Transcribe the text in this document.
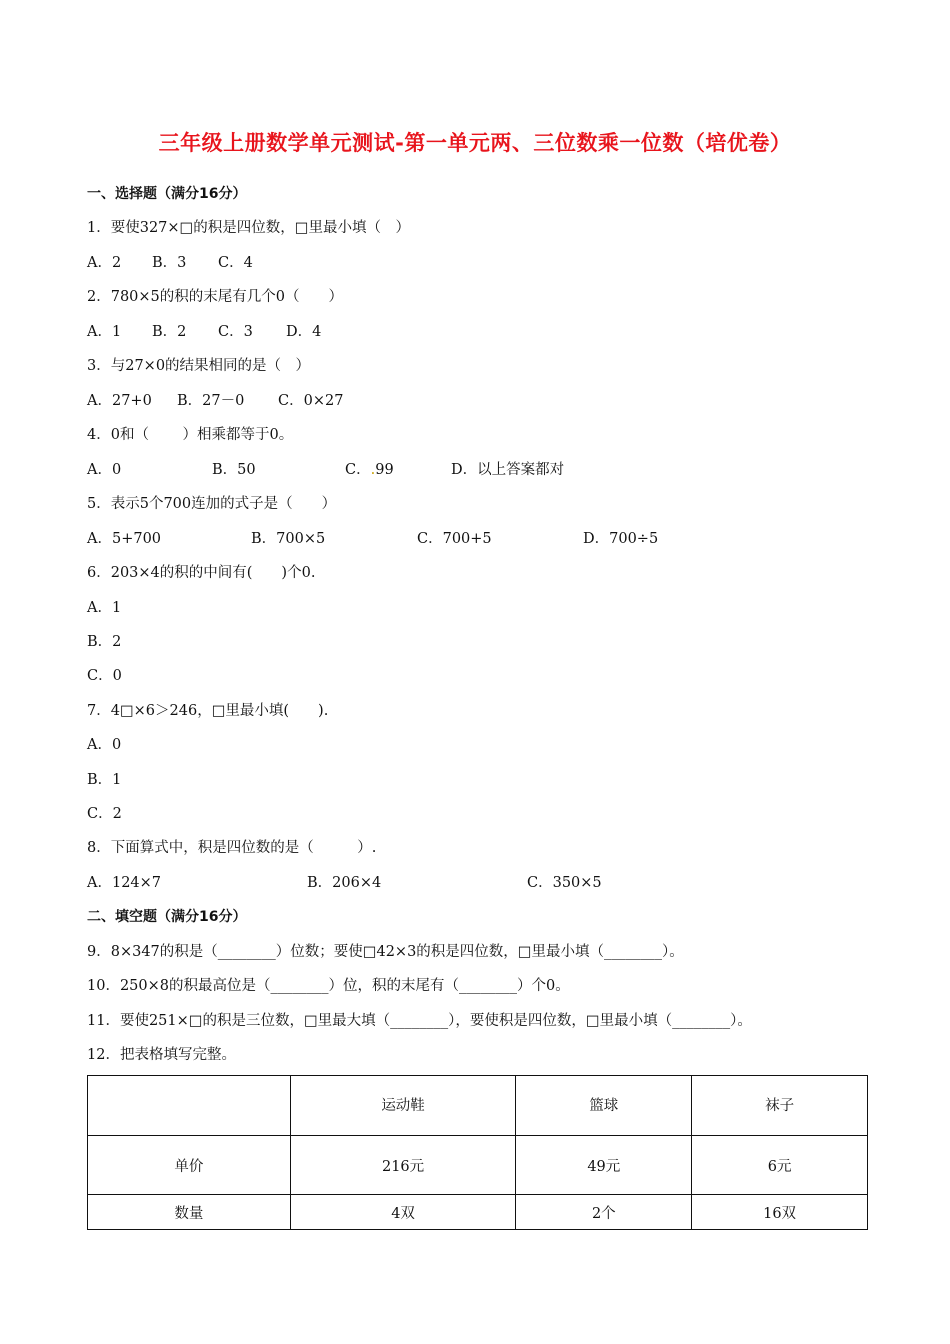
三年级上册数学单元测试-第一单元两、三位数乘一位数（培优卷）
一、选择题（满分16分）
1．要使327×□的积是四位数，□里最小填（　）
A．2 B．3 C．4
2．780×5的积的末尾有几个0（　　）
A．1 B．2 C．3 D．4
3．与27×0的结果相同的是（　）
A．27+0 B．27－0 C．0×27
4．0和（　　 ）相乘都等于0。
A．0	B．50	C．.99	D．以上答案都对
5．表示5个700连加的式子是（　　）
A．5+700	B．700×5	C．700+5	D．700÷5
6．203×4的积的中间有(　　)个0.
A．1
B．2
C．0
7．4□×6＞246，□里最小填(　　).
A．0
B．1
C．2
8．下面算式中，积是四位数的是（　　　）.
A．124×7	B．206×4	C．350×5
二、填空题（满分16分）
9．8×347的积是（________）位数；要使□42×3的积是四位数，□里最小填（________）。
10．250×8的积最高位是（________）位，积的末尾有（________）个0。
11．要使251×□的积是三位数，□里最大填（________），要使积是四位数，□里最小填（________）。
12．把表格填写完整。
	运动鞋	篮球	袜子
单价	216元	49元	6元
数量	4双	2个	16双
